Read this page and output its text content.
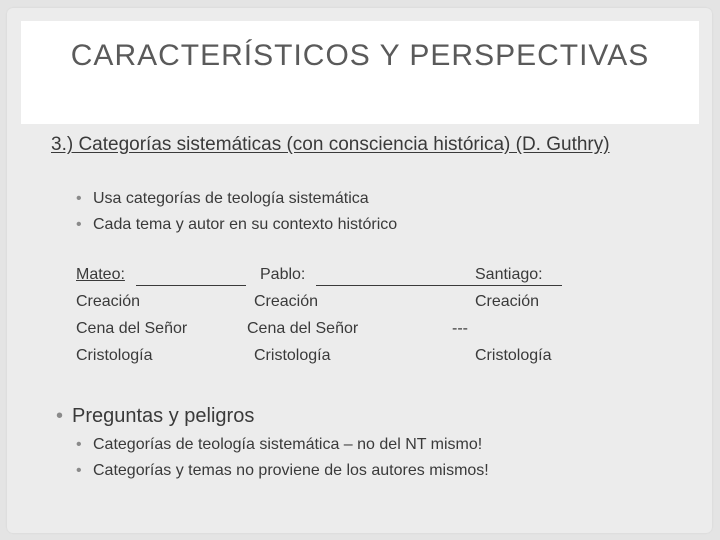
CARACTERÍSTICOS Y PERSPECTIVAS
3.) Categorías sistemáticas (con consciencia histórica) (D. Guthry)
• Usa categorías de teología sistemática
• Cada tema y autor en su contexto histórico
Mateo:
Creación
Cena del Señor
Cristología
Pablo:
Creación
Cena del Señor
Cristología
Santiago:
Creación

Cristología
---
• Preguntas y peligros
• Categorías de teología sistemática – no del NT mismo!
• Categorías y temas no proviene de los autores mismos!
